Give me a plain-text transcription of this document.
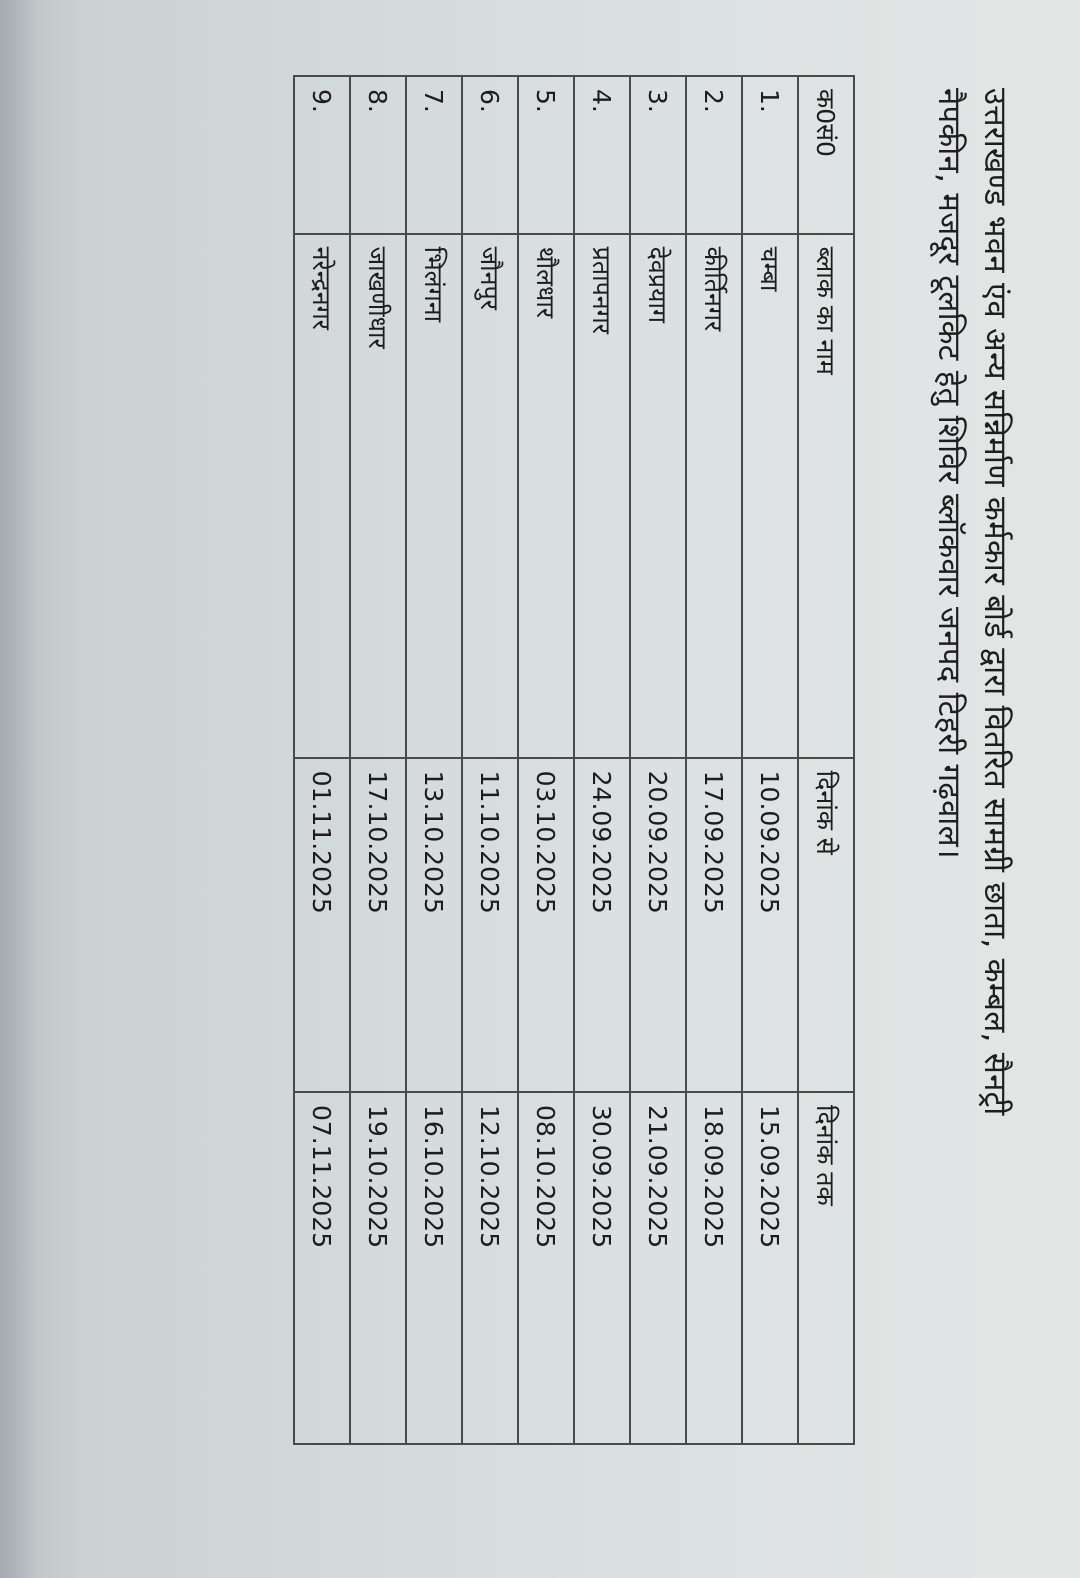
उत्तराखण्ड भवन एंव अन्य सन्निर्माण कर्मकार बोर्ड द्वारा वितरित सामग्री छाता, कम्बल, सैनट्री
नैपकीन, मजदूर टूलकिट हेतु शिविर ब्लॉकवार जनपद टिहरी गढ़वाल।
क0सं0	ब्लाक का नाम	दिनांक से	दिनांक तक
1.	चम्बा	10.09.2025	15.09.2025
2.	कीर्तिनगर	17.09.2025	18.09.2025
3.	देवप्रयाग	20.09.2025	21.09.2025
4.	प्रतापनगर	24.09.2025	30.09.2025
5.	थौलधार	03.10.2025	08.10.2025
6.	जौनपुर	11.10.2025	12.10.2025
7.	भिलंगना	13.10.2025	16.10.2025
8.	जाखणीधार	17.10.2025	19.10.2025
9.	नरेन्द्रनगर	01.11.2025	07.11.2025
